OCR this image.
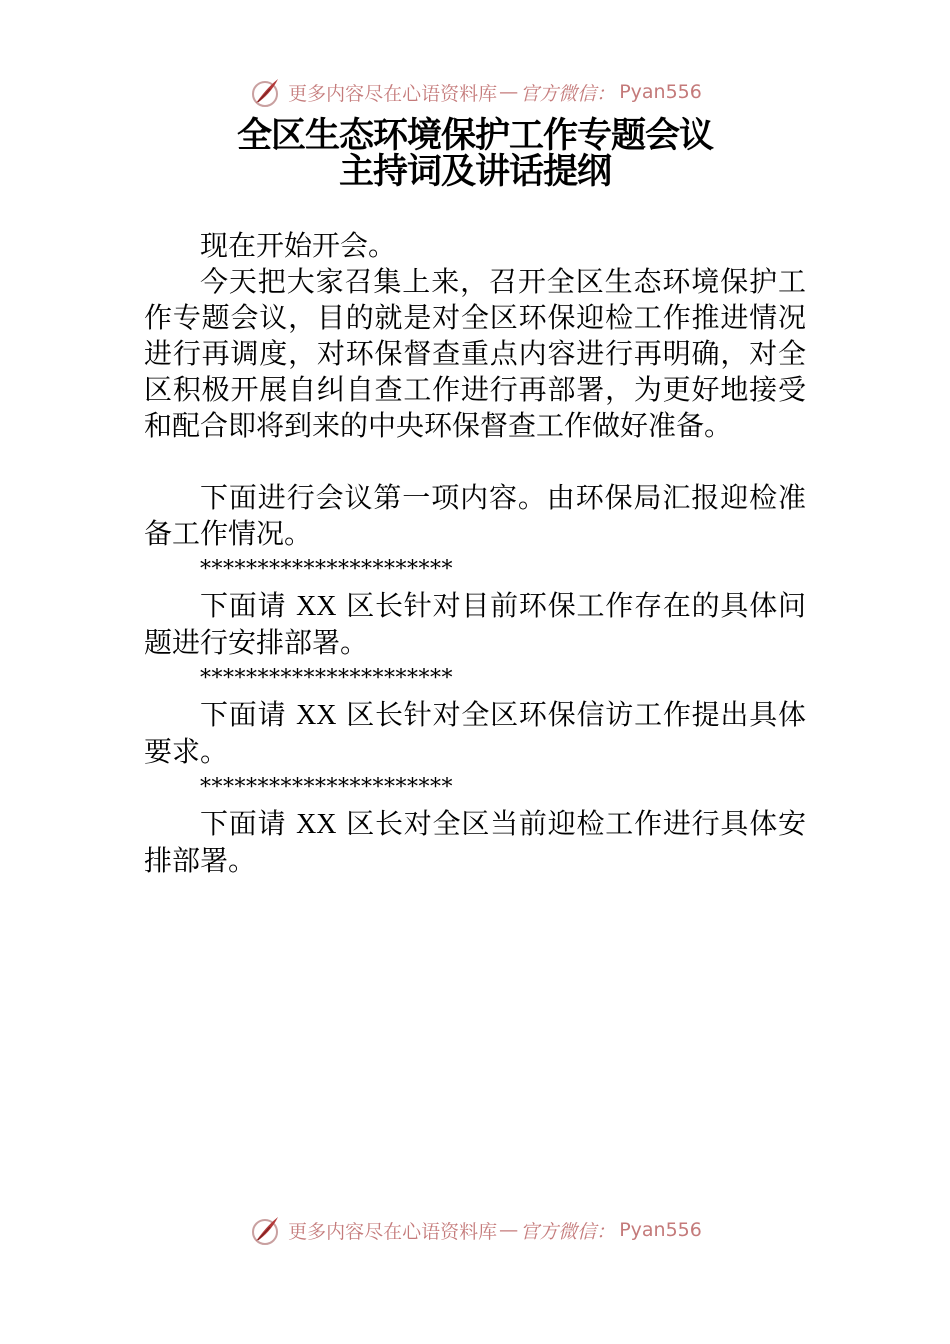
更多内容尽在心语资料库 — 官方微信： Pyan556
全区生态环境保护工作专题会议
主持词及讲话提纲

现在开始开会。

今天把大家召集上来，召开全区生态环境保护工作专题会议，目的就是对全区环保迎检工作推进情况进行再调度，对环保督查重点内容进行再明确，对全区积极开展自纠自查工作进行再部署，为更好地接受和配合即将到来的中央环保督查工作做好准备。

下面进行会议第一项内容。由环保局汇报迎检准备工作情况。

**********************

下面请 XX 区长针对目前环保工作存在的具体问题进行安排部署。

**********************

下面请 XX 区长针对全区环保信访工作提出具体要求。

**********************

下面请 XX 区长对全区当前迎检工作进行具体安排部署。

更多内容尽在心语资料库 — 官方微信： Pyan556
